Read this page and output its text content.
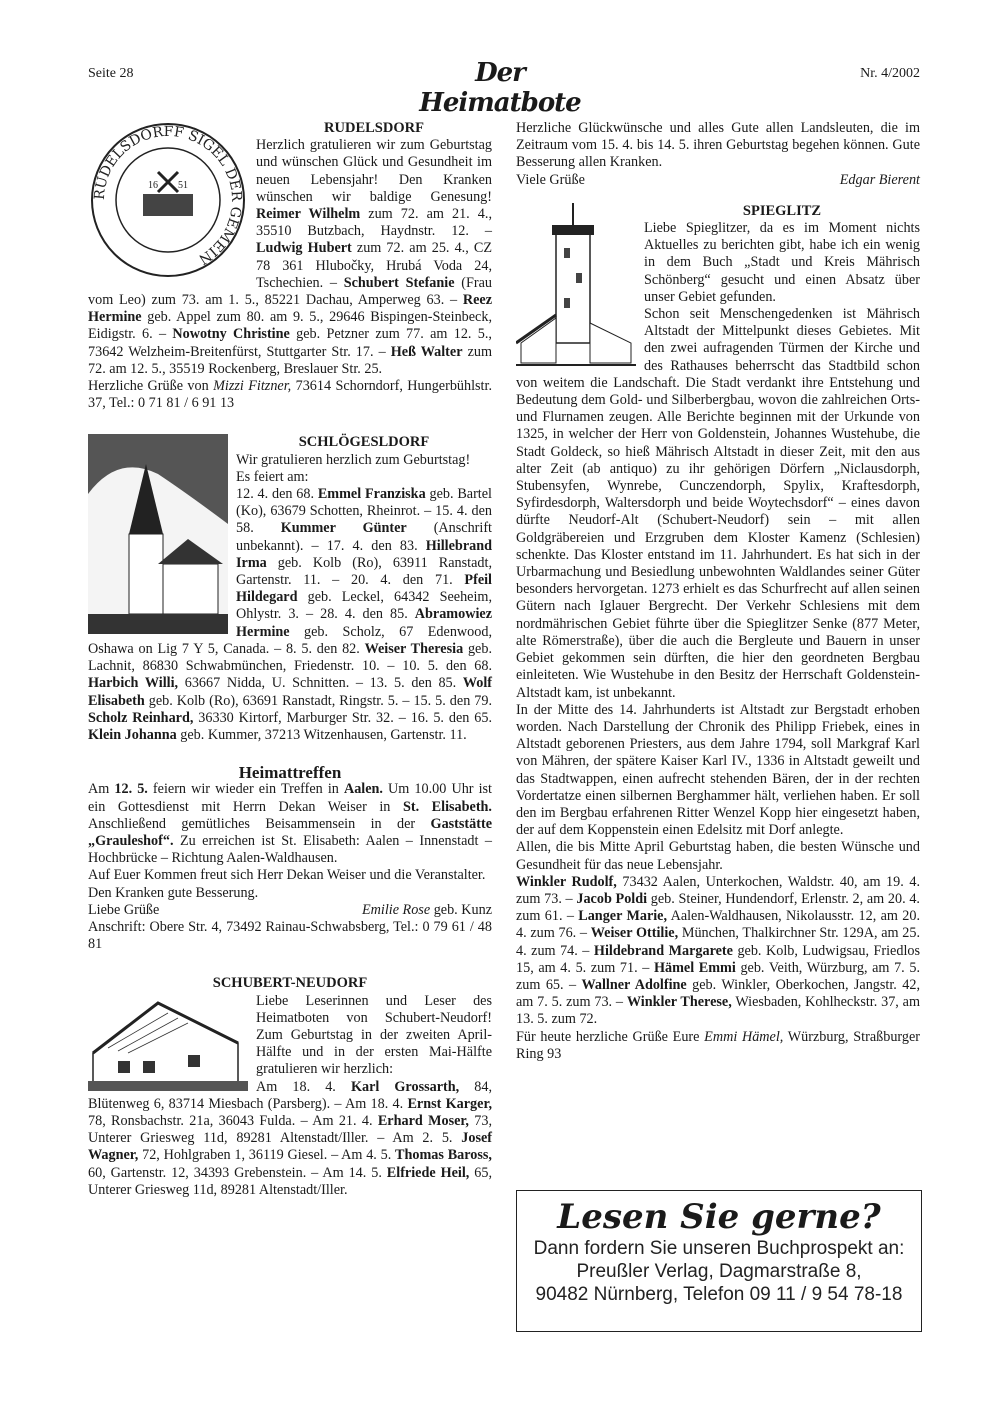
Seite 28	Der Heimatbote
Nr. 4/2002
RUDELSDORFF SIGEL DER GEMEIN
16 51

RUDELSDORF

Herzlich gratulieren wir zum Geburtstag und wünschen Glück und Gesundheit im neuen Lebensjahr! Den Kranken wünschen wir baldige Genesung! Reimer Wilhelm zum 72. am 21. 4., 35510 Butzbach, Haydnstr. 12. – Ludwig Hubert zum 72. am 25. 4., CZ 78 361 Hlubočky, Hrubá Voda 24, Tschechien. – Schubert Stefanie (Frau vom Leo) zum 73. am 1. 5., 85221 Dachau, Amperweg 63. – Reez Hermine geb. Appel zum 80. am 9. 5., 29646 Bispingen-Steinbeck, Eidigstr. 6. – Nowotny Christine geb. Petzner zum 77. am 12. 5., 73642 Welzheim-Breitenfürst, Stuttgarter Str. 17. – Heß Walter zum 72. am 12. 5., 35519 Rockenberg, Breslauer Str. 25.

Herzliche Grüße von Mizzi Fitzner, 73614 Schorndorf, Hungerbühlstr. 37, Tel.: 0 71 81 / 6 91 13

SCHLÖGESLDORF

Wir gratulieren herzlich zum Geburtstag!

Es feiert am:

12. 4. den 68. Emmel Franziska geb. Bartel (Ko), 63679 Schotten, Rheinrot. – 15. 4. den 58. Kummer Günter (Anschrift unbekannt). – 17. 4. den 83. Hillebrand Irma geb. Kolb (Ro), 63911 Ranstadt, Gartenstr. 11. – 20. 4. den 71. Pfeil Hildegard geb. Leckel, 64342 Seeheim, Ohlystr. 3. – 28. 4. den 85. Abramowiez Hermine geb. Scholz, 67 Edenwood, Oshawa on Lig 7 Y 5, Canada. – 8. 5. den 82. Weiser Theresia geb. Lachnit, 86830 Schwabmünchen, Friedenstr. 10. – 10. 5. den 68. Harbich Willi, 63667 Nidda, U. Schnitten. – 13. 5. den 85. Wolf Elisabeth geb. Kolb (Ro), 63691 Ranstadt, Ringstr. 5. – 15. 5. den 79. Scholz Reinhard, 36330 Kirtorf, Marburger Str. 32. – 16. 5. den 65. Klein Johanna geb. Kummer, 37213 Witzenhausen, Gartenstr. 11.

Heimattreffen

Am 12. 5. feiern wir wieder ein Treffen in Aalen. Um 10.00 Uhr ist ein Gottesdienst mit Herrn Dekan Weiser in St. Elisabeth. Anschließend gemütliches Beisammensein in der Gaststätte „Grauleshof“. Zu erreichen ist St. Elisabeth: Aalen – Innenstadt – Hochbrücke – Richtung Aalen-Waldhausen.

Auf Euer Kommen freut sich Herr Dekan Weiser und die Veranstalter.

Den Kranken gute Besserung.

Liebe Grüße	Emilie Rose geb. Kunz

Anschrift: Obere Str. 4, 73492 Rainau-Schwabsberg, Tel.: 0 79 61 / 48 81

SCHUBERT-NEUDORF

Liebe Leserinnen und Leser des Heimatboten von Schubert-Neudorf! Zum Geburtstag in der zweiten April-Hälfte und in der ersten Mai-Hälfte gratulieren wir herzlich:

Am 18. 4. Karl Grossarth, 84, Blütenweg 6, 83714 Miesbach (Parsberg). – Am 18. 4. Ernst Karger, 78, Ronsbachstr. 21a, 36043 Fulda. – Am 21. 4. Erhard Moser, 73, Unterer Griesweg 11d, 89281 Altenstadt/Iller. – Am 2. 5. Josef Wagner, 72, Hohlgraben 1, 36119 Giesel. – Am 4. 5. Thomas Baross, 60, Gartenstr. 12, 34393 Grebenstein. – Am 14. 5. Elfriede Heil, 65, Unterer Griesweg 11d, 89281 Altenstadt/Iller.

Herzliche Glückwünsche und alles Gute allen Landsleuten, die im Zeitraum vom 15. 4. bis 14. 5. ihren Geburtstag begehen können. Gute Besserung allen Kranken.

Viele Grüße	Edgar Bierent

SPIEGLITZ

Liebe Spieglitzer, da es im Moment nichts Aktuelles zu berichten gibt, habe ich ein wenig in dem Buch „Stadt und Kreis Mährisch Schönberg“ gesucht und einen Absatz über unser Gebiet gefunden.

Schon seit Menschengedenken ist Mährisch Altstadt der Mittelpunkt dieses Gebietes. Mit den zwei aufragenden Türmen der Kirche und des Rathauses beherrscht das Stadtbild schon von weitem die Landschaft. Die Stadt verdankt ihre Entstehung und Bedeutung dem Gold- und Silberbergbau, wovon die zahlreichen Orts- und Flurnamen zeugen. Alle Berichte beginnen mit der Urkunde von 1325, in welcher der Herr von Goldenstein, Johannes Wustehube, die Stadt Goldeck, so hieß Mährisch Altstadt in dieser Zeit, mit den aus alter Zeit (ab antiquo) zu ihr gehörigen Dörfern „Niclausdorph, Stubensyfen, Wynrebe, Cunczendorph, Spylix, Kraftesdorph, Syfirdesdorph, Waltersdorph und beide Woytechsdorf“ – eines davon dürfte Neudorf-Alt (Schubert-Neudorf) sein – mit allen Goldgräbereien und Erzgruben dem Kloster Kamenz (Schlesien) schenkte. Das Kloster entstand im 11. Jahrhundert. Es hat sich in der Urbarmachung und Besiedlung unbewohnten Waldlandes seiner Güter besonders hervorgetan. 1273 erhielt es das Schurfrecht auf allen seinen Gütern nach Iglauer Bergrecht. Der Verkehr Schlesiens mit dem nordmährischen Gebiet führte über die Spieglitzer Senke (877 Meter, alte Römerstraße), über die auch die Bergleute und Bauern in unser Gebiet gekommen sein dürften, die hier den geordneten Bergbau einleiteten. Wie Wustehube in den Besitz der Herrschaft Goldenstein-Altstadt kam, ist unbekannt.

In der Mitte des 14. Jahrhunderts ist Altstadt zur Bergstadt erhoben worden. Nach Darstellung der Chronik des Philipp Friebek, eines in Altstadt geborenen Priesters, aus dem Jahre 1794, soll Markgraf Karl von Mähren, der spätere Kaiser Karl IV., 1336 in Altstadt geweilt und das Stadtwappen, einen aufrecht stehenden Bären, der in der rechten Vordertatze einen silbernen Berghammer hält, verliehen haben. Er soll den im Bergbau erfahrenen Ritter Wenzel Kopp hier eingesetzt haben, der auf dem Koppenstein einen Edelsitz mit Dorf anlegte.

Allen, die bis Mitte April Geburtstag haben, die besten Wünsche und Gesundheit für das neue Lebensjahr.

Winkler Rudolf, 73432 Aalen, Unterkochen, Waldstr. 40, am 19. 4. zum 73. – Jacob Poldi geb. Steiner, Hundendorf, Erlenstr. 2, am 20. 4. zum 61. – Langer Marie, Aalen-Waldhausen, Nikolausstr. 12, am 20. 4. zum 76. – Weiser Ottilie, München, Thalkirchner Str. 129A, am 25. 4. zum 74. – Hildebrand Margarete geb. Kolb, Ludwigsau, Friedlos 15, am 4. 5. zum 71. – Hämel Emmi geb. Veith, Würzburg, am 7. 5. zum 65. – Wallner Adolfine geb. Winkler, Oberkochen, Jangstr. 42, am 7. 5. zum 73. – Winkler Therese, Wiesbaden, Kohlheckstr. 37, am 13. 5. zum 72.

Für heute herzliche Grüße Eure Emmi Hämel, Würzburg, Straßburger Ring 93

Lesen Sie gerne?
Dann fordern Sie unseren Buchprospekt an:
Preußler Verlag, Dagmarstraße 8,
90482 Nürnberg, Telefon 09 11 / 9 54 78-18
